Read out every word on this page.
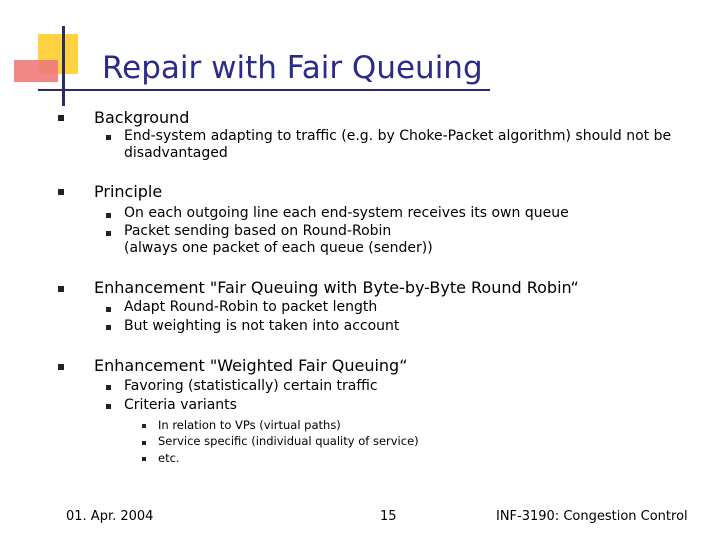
Repair with Fair Queuing
Background
End-system adapting to traffic (e.g. by Choke-Packet algorithm) should not be
disadvantaged
Principle
On each outgoing line each end-system receives its own queue
Packet sending based on Round-Robin
(always one packet of each queue (sender))
Enhancement "Fair Queuing with Byte-by-Byte Round Robin“
Adapt Round-Robin to packet length
But weighting is not taken into account
Enhancement "Weighted Fair Queuing“
Favoring (statistically) certain traffic
Criteria variants
In relation to VPs (virtual paths)
Service specific (individual quality of service)
etc.
01. Apr. 2004	15	INF-3190: Congestion Control
